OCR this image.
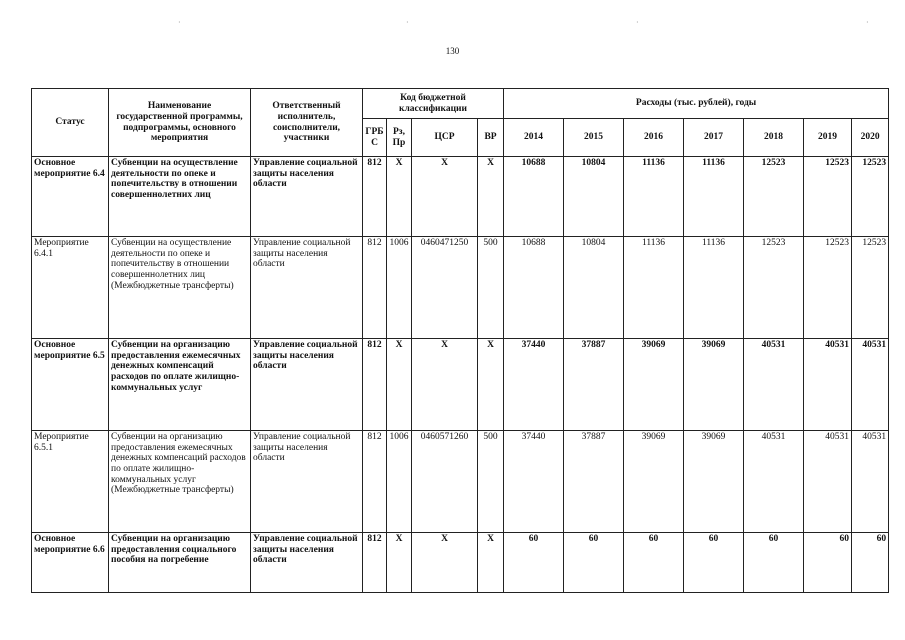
·	·	·	·
130
Статус	Наименование государственной программы, подпрограммы, основного мероприятия	Ответственный исполнитель, соисполнители, участники	Код бюджетной классификации				Расходы (тыс. рублей), годы						
			ГРБ С	Рз, Пр	ЦСР	ВР	2014	2015	2016	2017	2018	2019	2020
Основное мероприятие 6.4	Субвенции на осуществление деятельности по опеке и попечительству в отношении совершеннолетних лиц	Управление социальной защиты населения области	812	Х	Х	Х	10688	10804	11136	11136	12523	12523	12523
Мероприятие 6.4.1	Субвенции на осуществление деятельности по опеке и попечительству в отношении совершеннолетних лиц (Межбюджетные трансферты)	Управление социальной защиты населения области	812	1006	0460471250	500	10688	10804	11136	11136	12523	12523	12523
Основное мероприятие 6.5	Субвенции на организацию предоставления ежемесячных денежных компенсаций расходов по оплате жилищно-коммунальных услуг	Управление социальной защиты населения области	812	Х	Х	Х	37440	37887	39069	39069	40531	40531	40531
Мероприятие 6.5.1	Субвенции на организацию предоставления ежемесячных денежных компенсаций расходов по оплате жилищно-коммунальных услуг (Межбюджетные трансферты)	Управление социальной защиты населения области	812	1006	0460571260	500	37440	37887	39069	39069	40531	40531	40531
Основное мероприятие 6.6	Субвенции на организацию предоставления социального пособия на погребение	Управление социальной защиты населения области	812	Х	Х	Х	60	60	60	60	60	60	60
